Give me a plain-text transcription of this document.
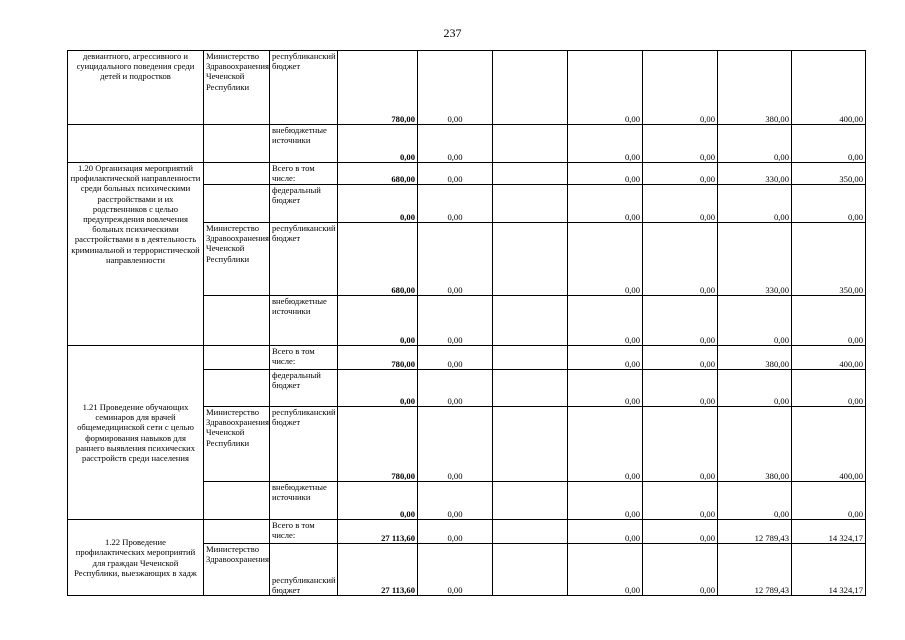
237
девиантного, агрессивного и суицидального поведения среди детей и подростков	Министерство Здравоохранения Чеченской Республики	республиканский бюджет	780,00	0,00		0,00	0,00	380,00	400,00
		внебюджетные источники	0,00	0,00		0,00	0,00	0,00	0,00
1.20 Организация мероприятий профилактической направленности среди больных психическими расстройствами и их родственников с целью предупреждения вовлечения больных психическими расстройствами в в деятельность криминальной и террористической направленности		Всего в том числе:	680,00	0,00		0,00	0,00	330,00	350,00
		федеральный бюджет	0,00	0,00		0,00	0,00	0,00	0,00
	Министерство Здравоохранения Чеченской Республики	республиканский бюджет	680,00	0,00		0,00	0,00	330,00	350,00
		внебюджетные источники	0,00	0,00		0,00	0,00	0,00	0,00
1.21 Проведение обучающих семинаров для врачей общемедицинской сети с целью формирования навыков для раннего выявления психических расстройств среди населения		Всего в том числе:	780,00	0,00		0,00	0,00	380,00	400,00
		федеральный бюджет	0,00	0,00		0,00	0,00	0,00	0,00
	Министерство Здравоохранения Чеченской Республики	республиканский бюджет	780,00	0,00		0,00	0,00	380,00	400,00
		внебюджетные источники	0,00	0,00		0,00	0,00	0,00	0,00
1.22 Проведение профилактических мероприятий для граждан Чеченской Республики, выезжающих в хадж		Всего в том числе:	27 113,60	0,00		0,00	0,00	12 789,43	14 324,17
	Министерство Здравоохранения	республиканский бюджет	27 113,60	0,00		0,00	0,00	12 789,43	14 324,17
